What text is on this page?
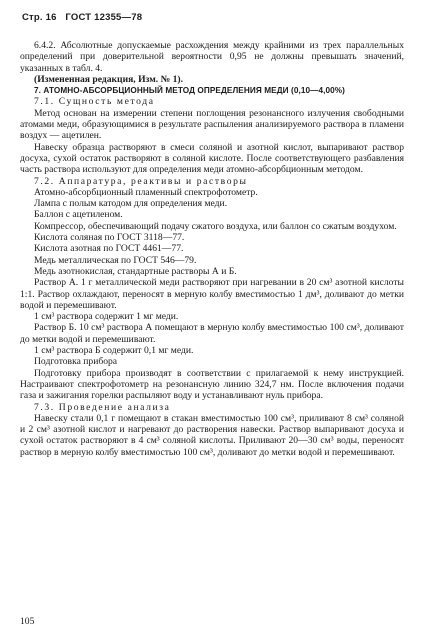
Стр. 16 ГОСТ 12355—78

6.4.2. Абсолютные допускаемые расхождения между крайними из трех параллельных определений при доверительной вероятности 0,95 не должны превышать значений, указанных в табл. 4.

(Измененная редакция, Изм. № 1).

7. АТОМНО-АБСОРБЦИОННЫЙ МЕТОД ОПРЕДЕЛЕНИЯ МЕДИ (0,10—4,00%)

7.1. Сущность метода

Метод основан на измерении степени поглощения резонансного излучения свободными атомами меди, образующимися в результате распыления анализируемого раствора в пламени воздух — ацетилен.

Навеску образца растворяют в смеси соляной и азотной кислот, выпаривают раствор досуха, сухой остаток растворяют в соляной кислоте. После соответствующего разбавления часть раствора используют для определения меди атомно-абсорбционным методом.

7.2. Аппаратура, реактивы и растворы

Атомно-абсорбционный пламенный спектрофотометр.

Лампа с полым катодом для определения меди.

Баллон с ацетиленом.

Компрессор, обеспечивающий подачу сжатого воздуха, или баллон со сжатым воздухом.

Кислота соляная по ГОСТ 3118—77.

Кислота азотная по ГОСТ 4461—77.

Медь металлическая по ГОСТ 546—79.

Медь азотнокислая, стандартные растворы А и Б.

Раствор А. 1 г металлической меди растворяют при нагревании в 20 см³ азотной кислоты 1:1. Раствор охлаждают, переносят в мерную колбу вместимостью 1 дм³, доливают до метки водой и перемешивают.

1 см³ раствора содержит 1 мг меди.

Раствор Б. 10 см³ раствора А помещают в мерную колбу вместимостью 100 см³, доливают до метки водой и перемешивают.

1 см³ раствора Б содержит 0,1 мг меди.

Подготовка прибора

Подготовку прибора производят в соответствии с прилагаемой к нему инструкцией. Настраивают спектрофотометр на резонансную линию 324,7 нм. После включения подачи газа и зажигания горелки распыляют воду и устанавливают нуль прибора.

7.3. Проведение анализа

Навеску стали 0,1 г помещают в стакан вместимостью 100 см³, приливают 8 см³ соляной и 2 см³ азотной кислот и нагревают до растворения навески. Раствор выпаривают досуха и сухой остаток растворяют в 4 см³ соляной кислоты. Приливают 20—30 см³ воды, переносят раствор в мерную колбу вместимостью 100 см³, доливают до метки водой и перемешивают.

105
